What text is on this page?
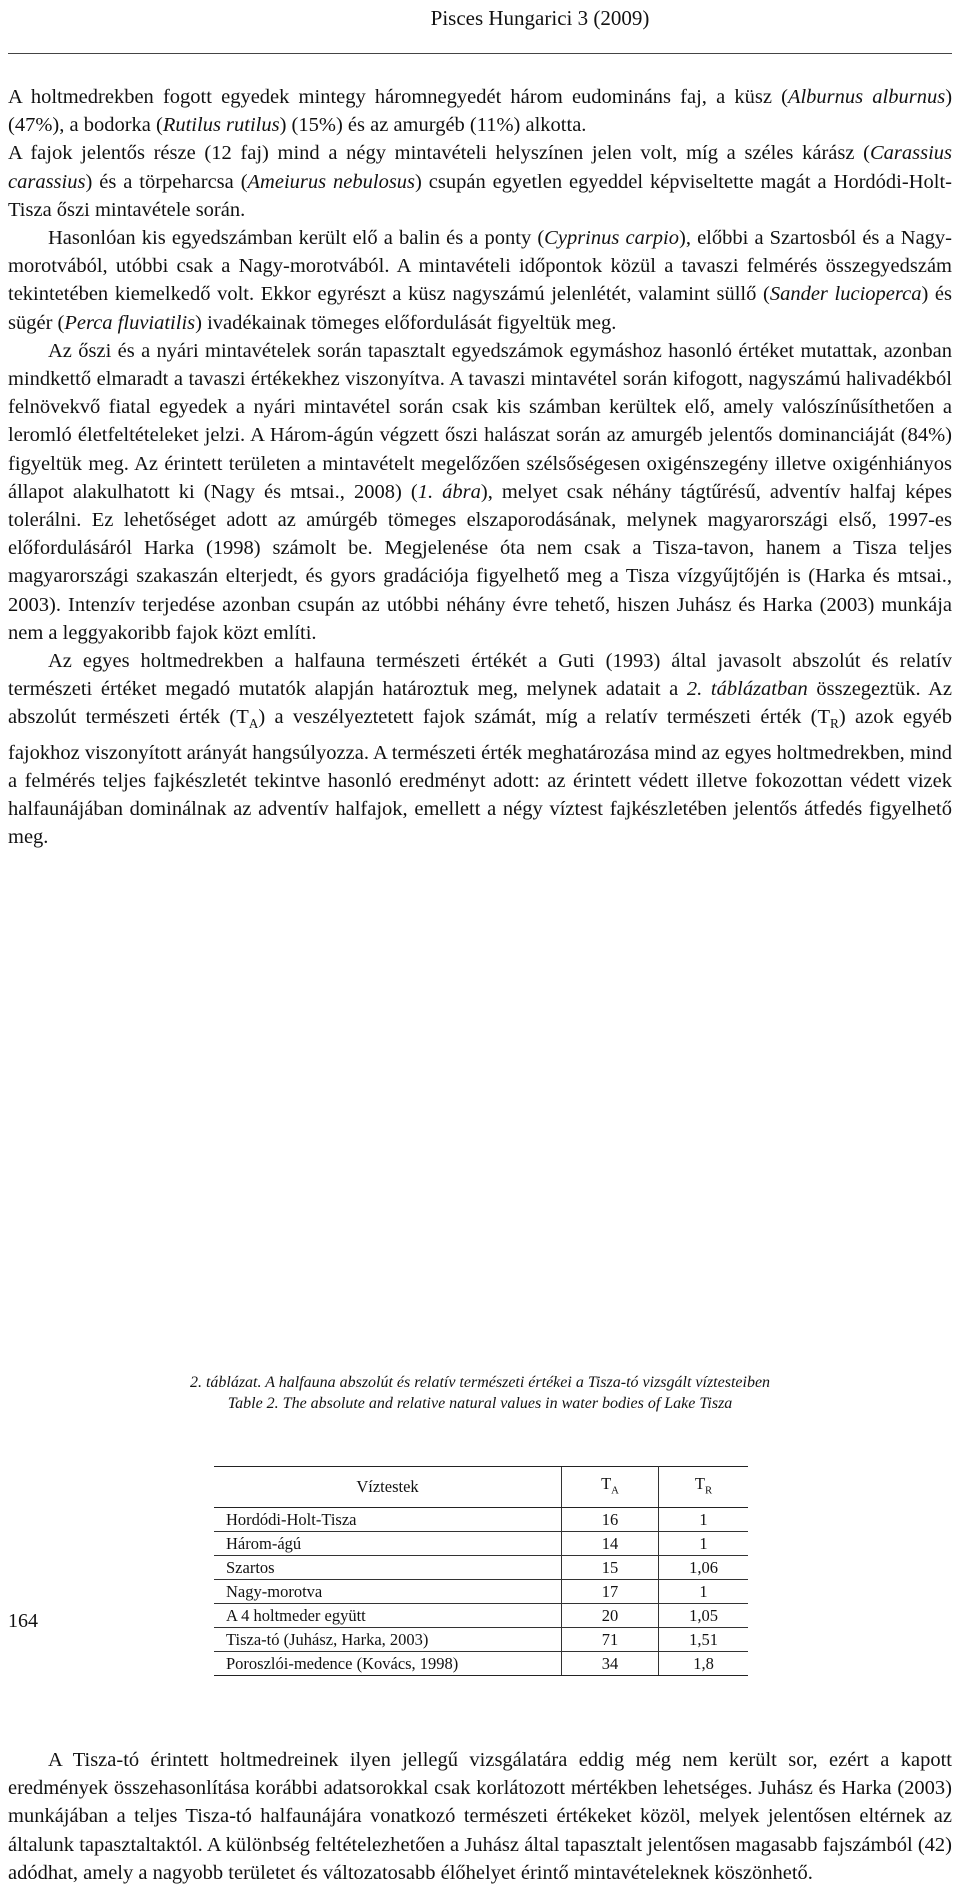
Pisces Hungarici 3 (2009)

A holtmedrekben fogott egyedek mintegy háromnegyedét három eudomináns faj, a küsz (Alburnus alburnus) (47%), a bodorka (Rutilus rutilus) (15%) és az amurgéb (11%) alkotta.

A fajok jelentős része (12 faj) mind a négy mintavételi helyszínen jelen volt, míg a széles kárász (Carassius carassius) és a törpeharcsa (Ameiurus nebulosus) csupán egyetlen egyeddel képviseltette magát a Hordódi-Holt-Tisza őszi mintavétele során.

Hasonlóan kis egyedszámban került elő a balin és a ponty (Cyprinus carpio), előbbi a Szartosból és a Nagy-morotvából, utóbbi csak a Nagy-morotvából. A mintavételi időpontok közül a tavaszi felmérés összegyedszám tekintetében kiemelkedő volt. Ekkor egyrészt a küsz nagyszámú jelenlétét, valamint süllő (Sander lucioperca) és sügér (Perca fluviatilis) ivadékainak tömeges előfordulását figyeltük meg.

Az őszi és a nyári mintavételek során tapasztalt egyedszámok egymáshoz hasonló értéket mutattak, azonban mindkettő elmaradt a tavaszi értékekhez viszonyítva. A tavaszi mintavétel során kifogott, nagyszámú halivadékból felnövekvő fiatal egyedek a nyári mintavétel során csak kis számban kerültek elő, amely valószínűsíthetően a leromló életfeltételeket jelzi. A Három-ágún végzett őszi halászat során az amurgéb jelentős dominanciáját (84%) figyeltük meg. Az érintett területen a mintavételt megelőzően szélsőségesen oxigénszegény illetve oxigénhiányos állapot alakulhatott ki (Nagy és mtsai., 2008) (1. ábra), melyet csak néhány tágtűrésű, adventív halfaj képes tolerálni. Ez lehetőséget adott az amúrgéb tömeges elszaporodásának, melynek magyarországi első, 1997-es előfordulásáról Harka (1998) számolt be. Megjelenése óta nem csak a Tisza-tavon, hanem a Tisza teljes magyarországi szakaszán elterjedt, és gyors gradációja figyelhető meg a Tisza vízgyűjtőjén is (Harka és mtsai., 2003). Intenzív terjedése azonban csupán az utóbbi néhány évre tehető, hiszen Juhász és Harka (2003) munkája nem a leggyakoribb fajok közt említi.

Az egyes holtmedrekben a halfauna természeti értékét a Guti (1993) által javasolt abszolút és relatív természeti értéket megadó mutatók alapján határoztuk meg, melynek adatait a 2. táblázatban összegeztük. Az abszolút természeti érték $(T_A)$ a veszélyeztetett fajok számát, míg a relatív természeti érték $(T_R)$ azok egyéb fajokhoz viszonyított arányát hangsúlyozza. A természeti érték meghatározása mind az egyes holtmedrekben, mind a felmérés teljes fajkészletét tekintve hasonló eredményt adott: az érintett védett illetve fokozottan védett vizek halfaunájában dominálnak az adventív halfajok, emellett a négy víztest fajkészletében jelentős átfedés figyelhető meg.

2. táblázat. A halfauna abszolút és relatív természeti értékei a Tisza-tó vizsgált víztesteiben
Table 2. The absolute and relative natural values in water bodies of Lake Tisza
Víztestek	$T_A$	$T_R$
Hordódi-Holt-Tisza	16	1
Három-ágú	14	1
Szartos	15	1,06
Nagy-morotva	17	1
A 4 holtmeder együtt	20	1,05
Tisza-tó (Juhász, Harka, 2003)	71	1,51
Poroszlói-medence (Kovács, 1998)	34	1,8

A Tisza-tó érintett holtmedreinek ilyen jellegű vizsgálatára eddig még nem került sor, ezért a kapott eredmények összehasonlítása korábbi adatsorokkal csak korlátozott mértékben lehetséges. Juhász és Harka (2003) munkájában a teljes Tisza-tó halfaunájára vonatkozó természeti értékeket közöl, melyek jelentősen eltérnek az általunk tapasztaltaktól. A különbség feltételezhetően a Juhász által tapasztalt jelentősen magasabb fajszámból (42) adódhat, amely a nagyobb területet és változatosabb élőhelyet érintő mintavételeknek köszönhető.

164
